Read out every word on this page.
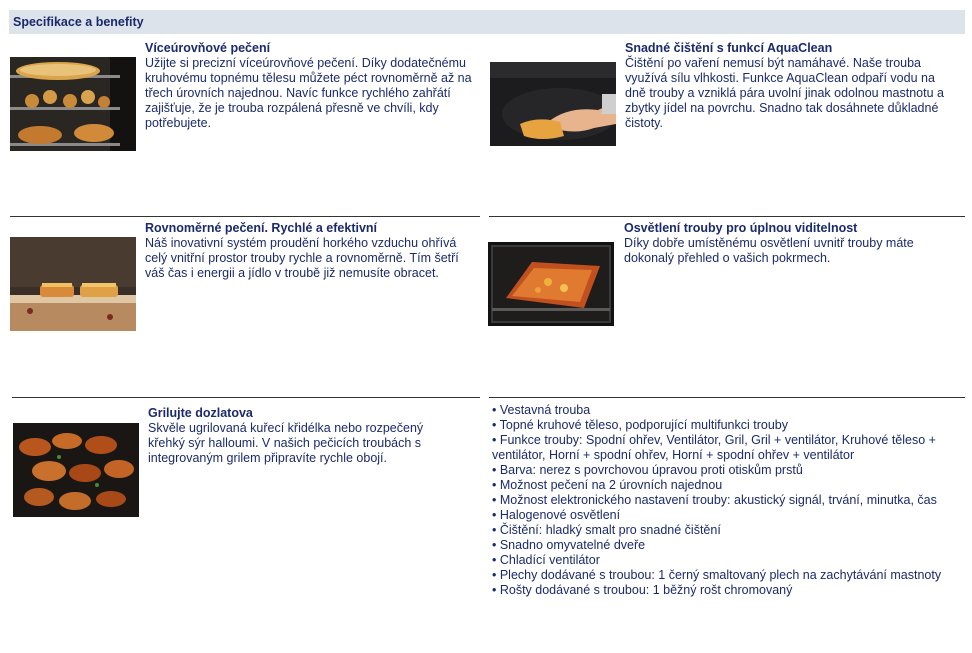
Specifikace a benefity
Víceúrovňové pečení

Užijte si precizní víceúrovňové pečení. Díky dodatečnému kruhovému topnému tělesu můžete péct rovnoměrně až na třech úrovních najednou. Navíc funkce rychlého zahřátí zajišťuje, že je trouba rozpálená přesně ve chvíli, kdy potřebujete.

Snadné čištění s funkcí AquaClean

Čištění po vaření nemusí být namáhavé. Naše trouba využívá sílu vlhkosti. Funkce AquaClean odpaří vodu na dně trouby a vzniklá pára uvolní jinak odolnou mastnotu a zbytky jídel na povrchu. Snadno tak dosáhnete důkladné čistoty.

Rovnoměrné pečení. Rychlé a efektivní

Náš inovativní systém proudění horkého vzduchu ohřívá celý vnitřní prostor trouby rychle a rovnoměrně. Tím šetří váš čas i energii a jídlo v troubě již nemusíte obracet.

Osvětlení trouby pro úplnou viditelnost

Díky dobře umístěnému osvětlení uvnitř trouby máte dokonalý přehled o vašich pokrmech.

Grilujte dozlatova

Skvěle ugrilovaná kuřecí křidélka nebo rozpečený křehký sýr halloumi. V našich pečicích troubách s integrovaným grilem připravíte rychle obojí.

• Vestavná trouba
• Topné kruhové těleso, podporující multifunkci trouby
• Funkce trouby: Spodní ohřev, Ventilátor, Gril, Gril + ventilátor, Kruhové těleso + ventilátor, Horní + spodní ohřev, Horní + spodní ohřev + ventilátor
• Barva: nerez s povrchovou úpravou proti otiskům prstů
• Možnost pečení na 2 úrovních najednou
• Možnost elektronického nastavení trouby: akustický signál, trvání, minutka, čas
• Halogenové osvětlení
• Čištění: hladký smalt pro snadné čištění
• Snadno omyvatelné dveře
• Chladící ventilátor
• Plechy dodávané s troubou: 1 černý smaltovaný plech na zachytávání mastnoty
• Rošty dodávané s troubou: 1 běžný rošt chromovaný
